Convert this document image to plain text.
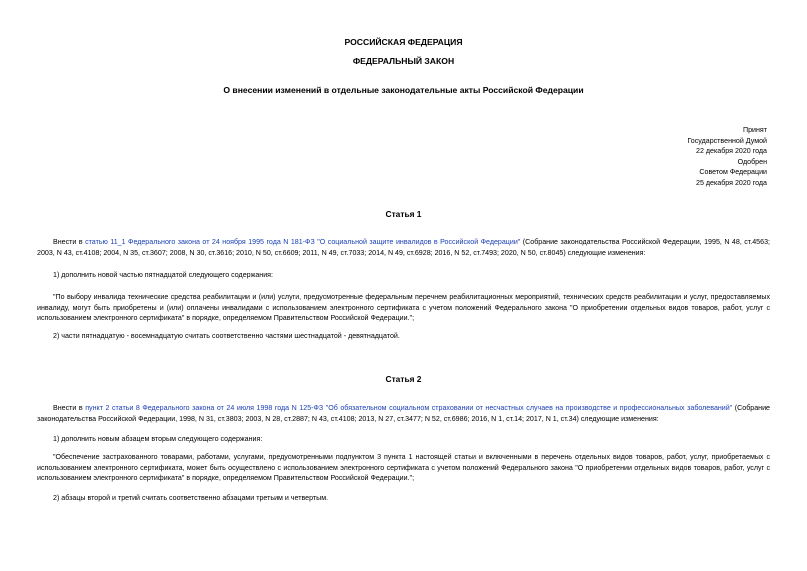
РОССИЙСКАЯ ФЕДЕРАЦИЯ
ФЕДЕРАЛЬНЫЙ ЗАКОН
О внесении изменений в отдельные законодательные акты Российской Федерации
Принят
Государственной Думой
22 декабря 2020 года
Одобрен
Советом Федерации
25 декабря 2020 года
Статья 1
Внести в статью 11_1 Федерального закона от 24 ноября 1995 года N 181-ФЗ "О социальной защите инвалидов в Российской Федерации" (Собрание законодательства Российской Федерации, 1995, N 48, ст.4563; 2003, N 43, ст.4108; 2004, N 35, ст.3607; 2008, N 30, ст.3616; 2010, N 50, ст.6609; 2011, N 49, ст.7033; 2014, N 49, ст.6928; 2016, N 52, ст.7493; 2020, N 50, ст.8045) следующие изменения:
1) дополнить новой частью пятнадцатой следующего содержания:
"По выбору инвалида технические средства реабилитации и (или) услуги, предусмотренные федеральным перечнем реабилитационных мероприятий, технических средств реабилитации и услуг, предоставляемых инвалиду, могут быть приобретены и (или) оплачены инвалидами с использованием электронного сертификата с учетом положений Федерального закона "О приобретении отдельных видов товаров, работ, услуг с использованием электронного сертификата" в порядке, определяемом Правительством Российской Федерации.";
2) части пятнадцатую - восемнадцатую считать соответственно частями шестнадцатой - девятнадцатой.
Статья 2
Внести в пункт 2 статьи 8 Федерального закона от 24 июля 1998 года N 125-ФЗ "Об обязательном социальном страховании от несчастных случаев на производстве и профессиональных заболеваний" (Собрание законодательства Российской Федерации, 1998, N 31, ст.3803; 2003, N 28, ст.2887; N 43, ст.4108; 2013, N 27, ст.3477; N 52, ст.6986; 2016, N 1, ст.14; 2017, N 1, ст.34) следующие изменения:
1) дополнить новым абзацем вторым следующего содержания:
"Обеспечение застрахованного товарами, работами, услугами, предусмотренными подпунктом 3 пункта 1 настоящей статьи и включенными в перечень отдельных видов товаров, работ, услуг, приобретаемых с использованием электронного сертификата, может быть осуществлено с использованием электронного сертификата с учетом положений Федерального закона "О приобретении отдельных видов товаров, работ, услуг с использованием электронного сертификата" в порядке, определяемом Правительством Российской Федерации.";
2) абзацы второй и третий считать соответственно абзацами третьим и четвертым.
